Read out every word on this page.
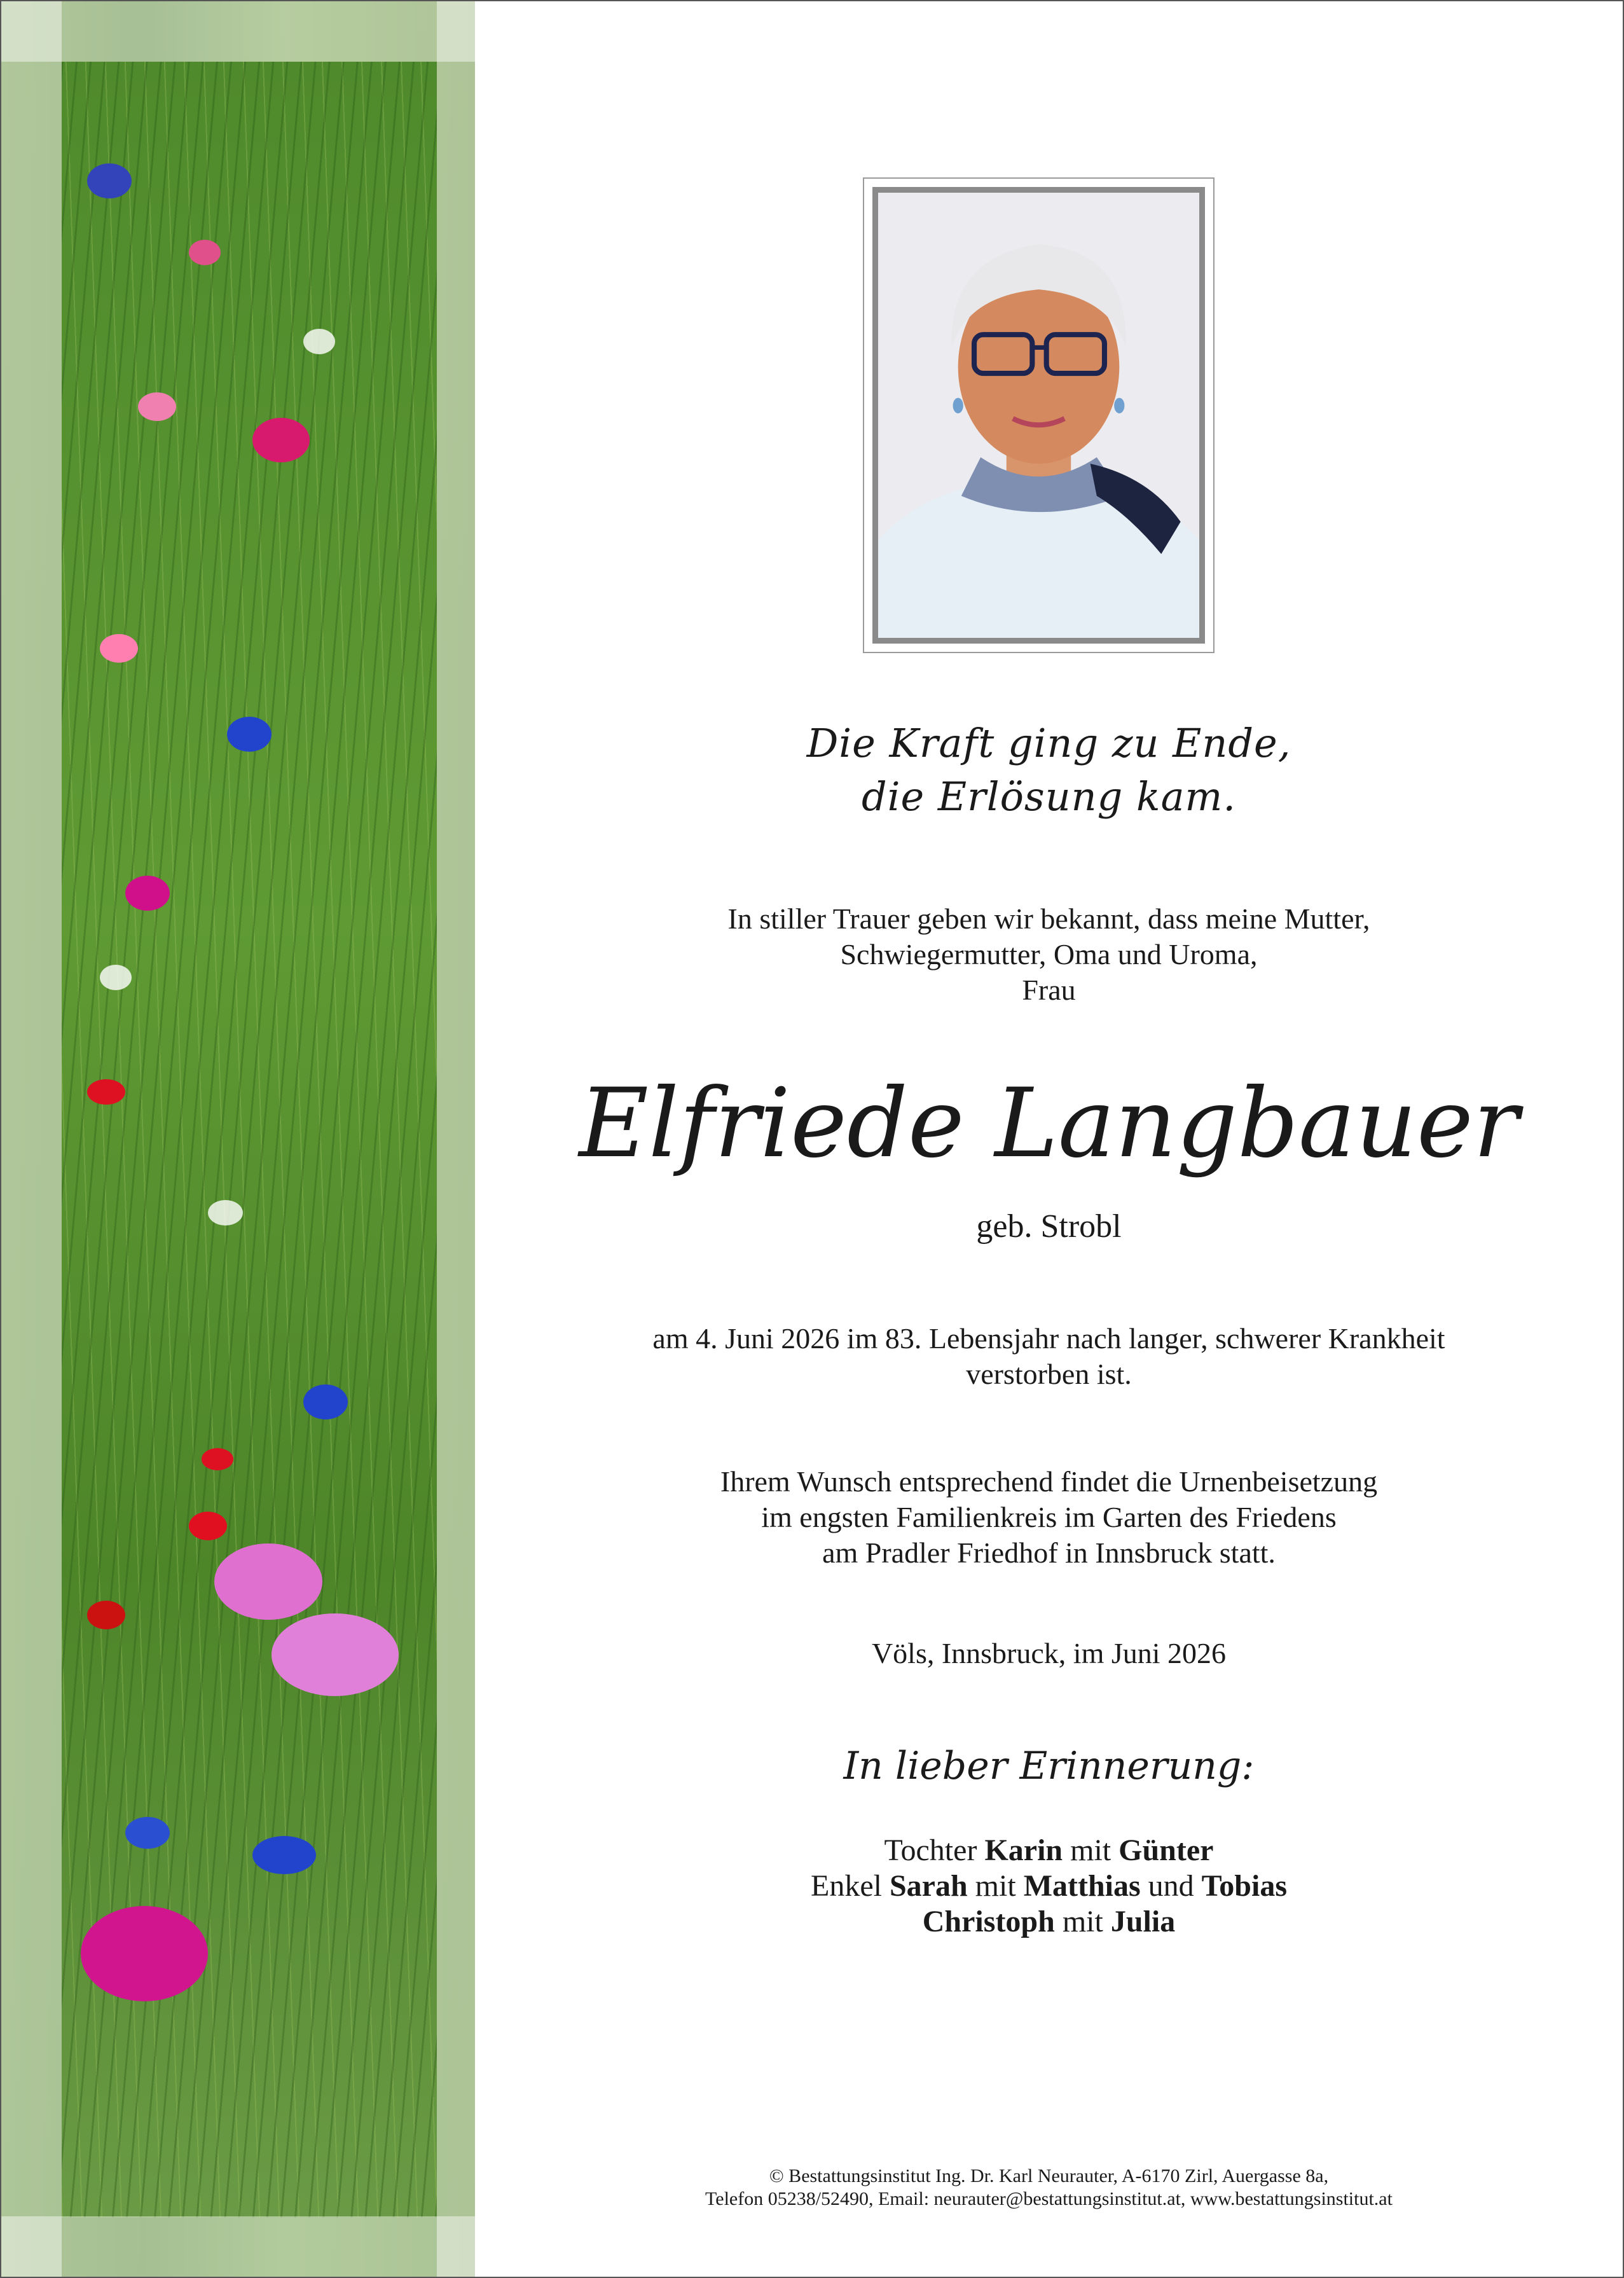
Die Kraft ging zu Ende,
die Erlösung kam.
In stiller Trauer geben wir bekannt, dass meine Mutter,
Schwiegermutter, Oma und Uroma,
Frau
Elfriede Langbauer
geb. Strobl
am 4. Juni 2026 im 83. Lebensjahr nach langer, schwerer Krankheit
verstorben ist.
Ihrem Wunsch entsprechend findet die Urnenbeisetzung
im engsten Familienkreis im Garten des Friedens
am Pradler Friedhof in Innsbruck statt.
Völs, Innsbruck, im Juni 2026
In lieber Erinnerung:
Tochter Karin mit Günter
Enkel Sarah mit Matthias und Tobias
Christoph mit Julia
© Bestattungsinstitut Ing. Dr. Karl Neurauter, A-6170 Zirl, Auergasse 8a,
Telefon 05238/52490, Email: neurauter@bestattungsinstitut.at, www.bestattungsinstitut.at
